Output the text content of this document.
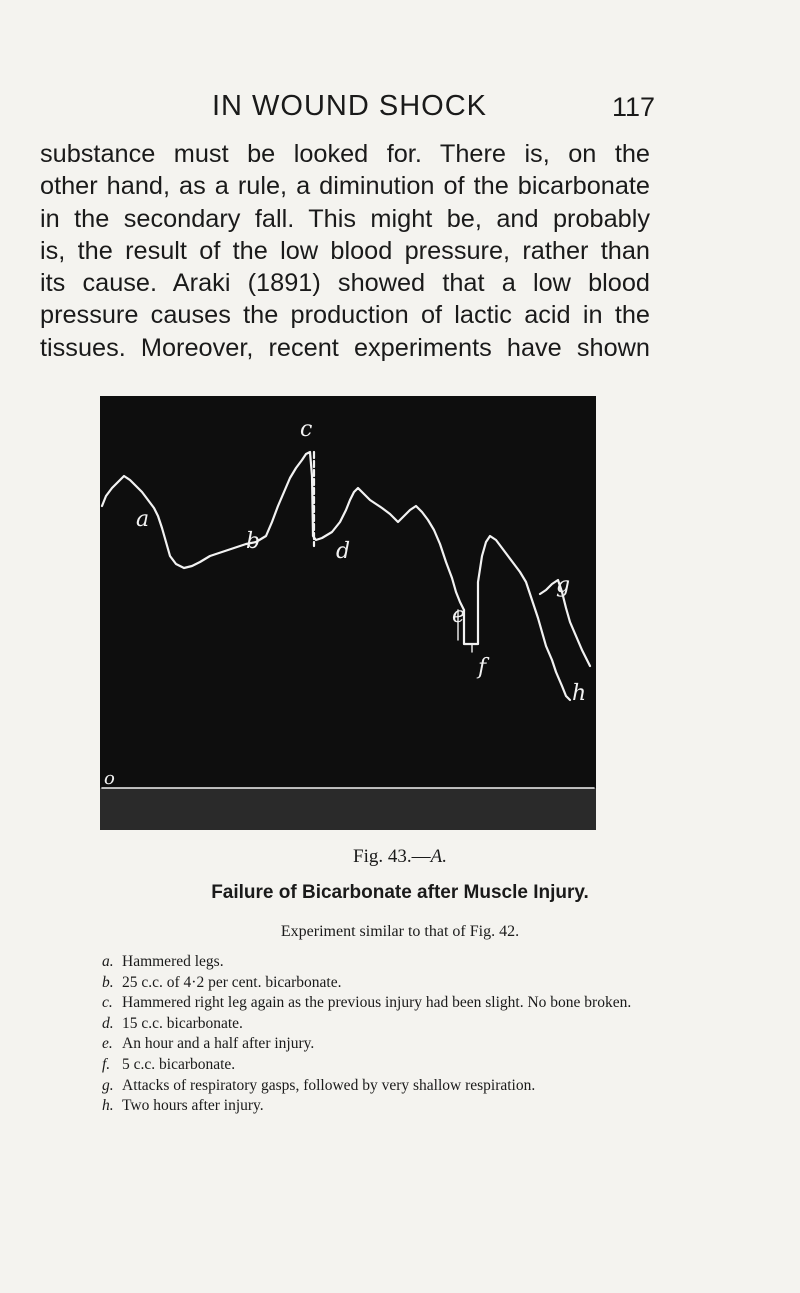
IN WOUND SHOCK	117
substance must be looked for. There is, on the
other hand, as a rule, a diminution of the bicarbonate
in the secondary fall. This might be, and probably
is, the result of the low blood pressure, rather than
its cause. Araki (1891) showed that a low blood
pressure causes the production of lactic acid in the
tissues. Moreover, recent experiments have shown
a
b
c
d
e
f
g
h
o
Fig. 43.—A.
Failure of Bicarbonate after Muscle Injury.
Experiment similar to that of Fig. 42.
a. Hammered legs.
b. 25 c.c. of 4·2 per cent. bicarbonate.
c. Hammered right leg again as the previous injury had been slight. No bone broken.
d. 15 c.c. bicarbonate.
e. An hour and a half after injury.
f. 5 c.c. bicarbonate.
g. Attacks of respiratory gasps, followed by very shallow respiration.
h. Two hours after injury.
